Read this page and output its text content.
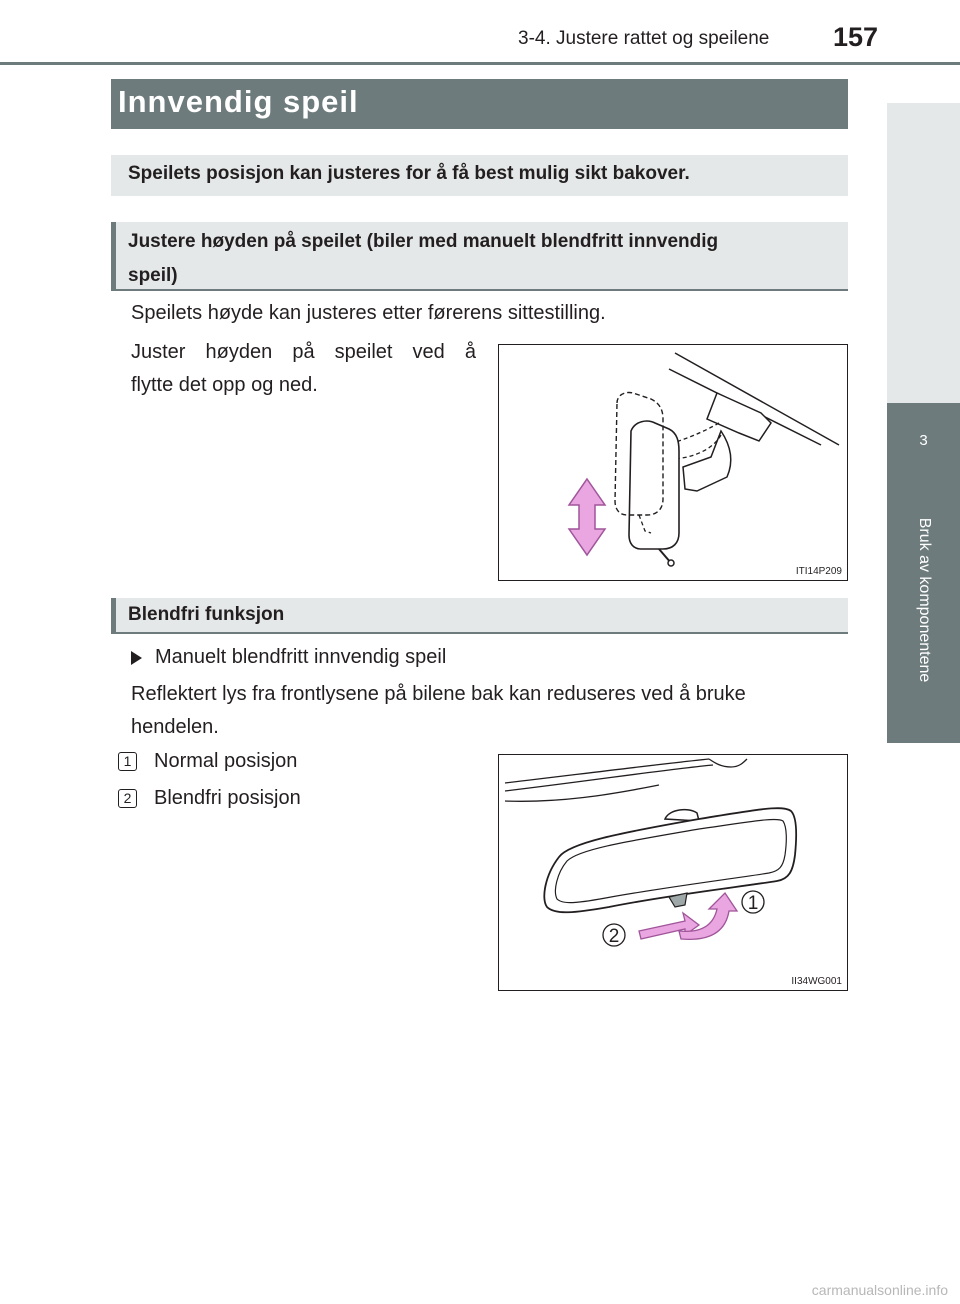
3-4. Justere rattet og speilene 157
3
Bruk av komponentene
Innvendig speil
Speilets posisjon kan justeres for å få best mulig sikt bakover.
Justere høyden på speilet (biler med manuelt blendfritt innvendig
speil)
Speilets høyde kan justeres etter førerens sittestilling.
Juster høyden på speilet ved å
flytte det opp og ned.
ITI14P209
Blendfri funksjon
Manuelt blendfritt innvendig speil
Reflektert lys fra frontlysene på bilene bak kan reduseres ved å bruke
hendelen.
1 Normal posisjon
2 Blendfri posisjon
1
2
II34WG001
carmanualsonline.info
